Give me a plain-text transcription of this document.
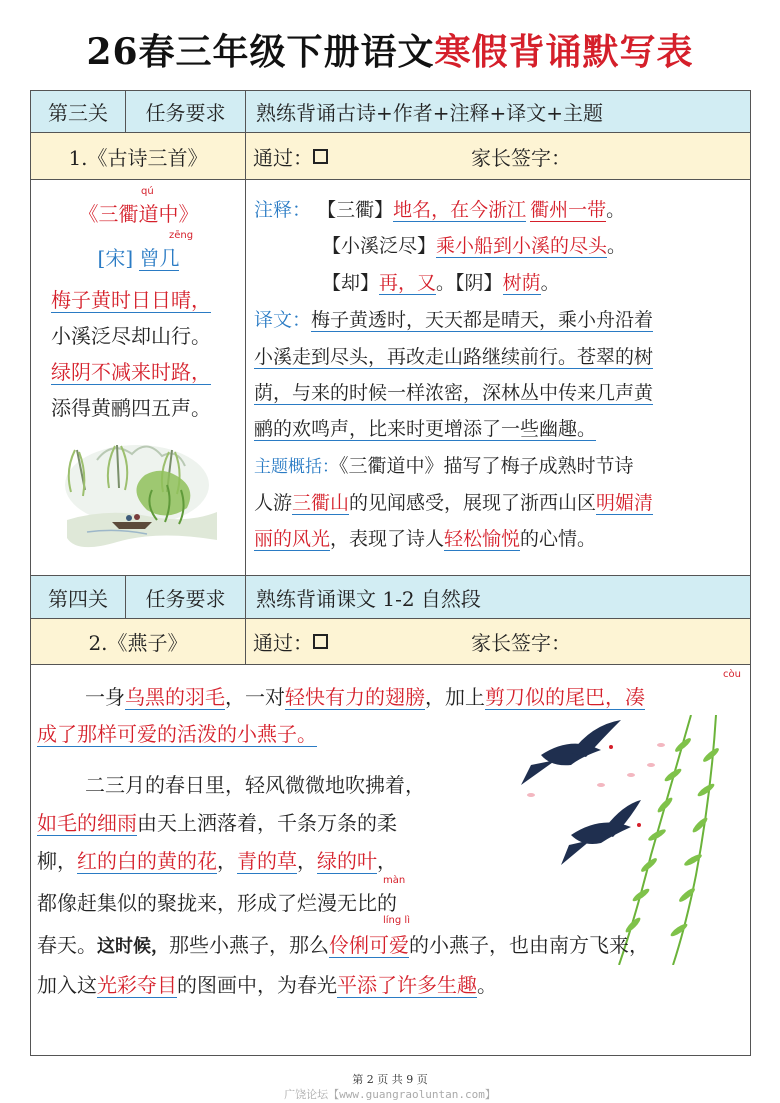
26春三年级下册语文寒假背诵默写表
第三关	任务要求	熟练背诵古诗+作者+注释+译文+主题
1.《古诗三首》	通过：	家长签字：
qú
《三衢道中》
zēng
[宋] 曾几
梅子黄时日日晴，
小溪泛尽却山行。
绿阴不减来时路，
添得黄鹂四五声。
注释： 【三衢】地名，在今浙江 衢州一带。
【小溪泛尽】乘小船到小溪的尽头。
【却】再，又。【阴】树荫。
译文：梅子黄透时，天天都是晴天，乘小舟沿着
小溪走到尽头，再改走山路继续前行。苍翠的树
荫，与来的时候一样浓密，深林丛中传来几声黄
鹂的欢鸣声，比来时更增添了一些幽趣。
主题概括：《三衢道中》描写了梅子成熟时节诗
人游三衢山的见闻感受，展现了浙西山区明媚清
丽的风光，表现了诗人轻松愉悦的心情。
第四关	任务要求	熟练背诵课文 1-2 自然段
2.《燕子》	通过：	家长签字：
còu
一身乌黑的羽毛，一对轻快有力的翅膀，加上剪刀似的尾巴，凑
成了那样可爱的活泼的小燕子。
二三月的春日里，轻风微微地吹拂着，
如毛的细雨由天上洒落着，千条万条的柔
柳，红的白的黄的花，青的草，绿的叶，
màn
都像赶集似的聚拢来，形成了烂漫无比的
líng lì
春天。这时候，那些小燕子，那么伶俐可爱的小燕子，也由南方飞来，
加入这光彩夺目的图画中，为春光平添了许多生趣。
第 2 页 共 9 页
广饶论坛【www.guangraoluntan.com】
